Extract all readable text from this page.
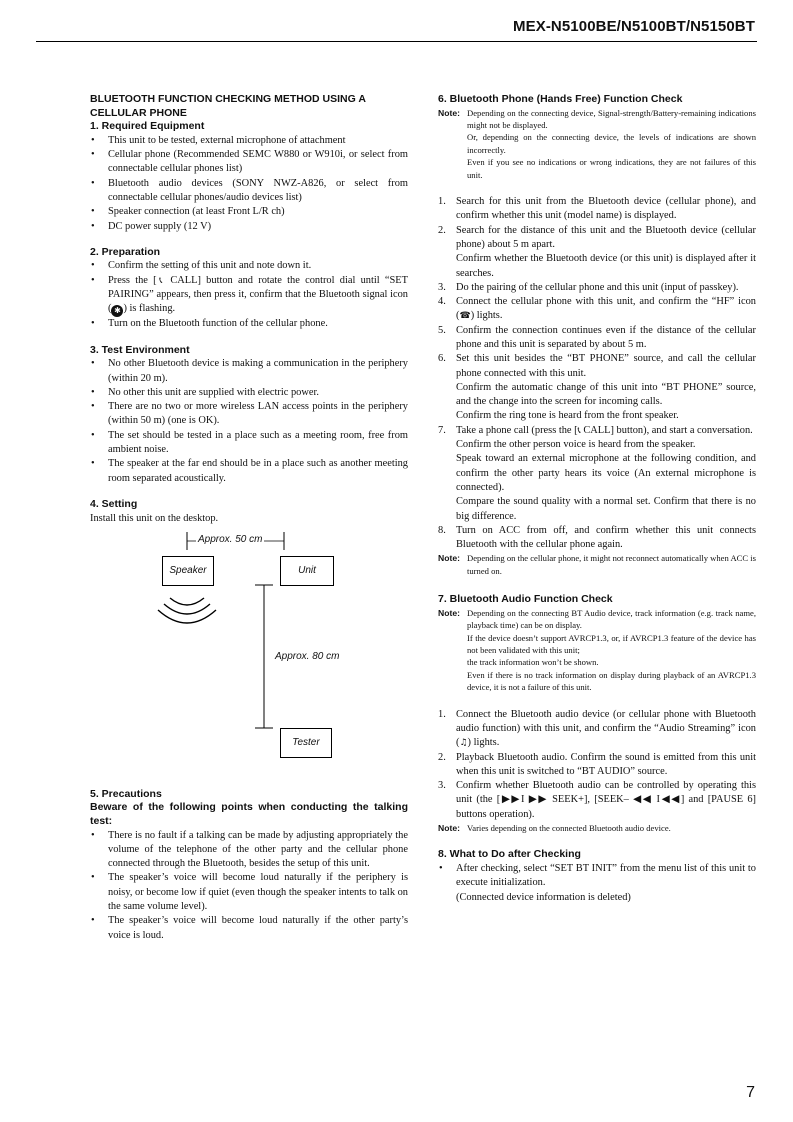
MEX-N5100BE/N5100BT/N5150BT
BLUETOOTH FUNCTION CHECKING METHOD USING A CELLULAR PHONE
1. Required Equipment
• This unit to be tested, external microphone of attachment
• Cellular phone (Recommended SEMC W880 or W910i, or select from connectable cellular phones list)
• Bluetooth audio devices (SONY NWZ-A826, or select from connectable cellular phones/audio devices list)
• Speaker connection (at least Front L/R ch)
• DC power supply (12 V)
2. Preparation
• Confirm the setting of this unit and note down it.
• Press the [📞︎ CALL] button and rotate the control dial until “SET PAIRING” appears, then press it, confirm that the Bluetooth signal icon ( ✱ ) is flashing.
• Turn on the Bluetooth function of the cellular phone.
3. Test Environment
• No other Bluetooth device is making a communication in the periphery (within 20 m).
• No other this unit are supplied with electric power.
• There are no two or more wireless LAN access points in the periphery (within 50 m) (one is OK).
• The set should be tested in a place such as a meeting room, free from ambient noise.
• The speaker at the far end should be in a place such as another meeting room separated acoustically.
4. Setting
Install this unit on the desktop.
Approx. 50 cm
Speaker	Unit
Approx. 80 cm
Tester
5. Precautions
Beware of the following points when conducting the talking test:
• There is no fault if a talking can be made by adjusting appropriately the volume of the telephone of the other party and the cellular phone connected through the Bluetooth, besides the setup of this unit.
• The speaker’s voice will become loud naturally if the periphery is noisy, or become low if quiet (even though the speaker intents to talk on the same volume level).
• The speaker’s voice will become loud naturally if the other party’s voice is loud.
6. Bluetooth Phone (Hands Free) Function Check
Note: Depending on the connecting device, Signal-strength/Battery-remaining indications might not be displayed.
Or, depending on the connecting device, the levels of indications are shown incorrectly.
Even if you see no indications or wrong indications, they are not failures of this unit.
1. Search for this unit from the Bluetooth device (cellular phone), and confirm whether this unit (model name) is displayed.
2. Search for the distance of this unit and the Bluetooth device (cellular phone) about 5 m apart.
Confirm whether the Bluetooth device (or this unit) is displayed after it searches.
3. Do the pairing of the cellular phone and this unit (input of passkey).
4. Connect the cellular phone with this unit, and confirm the “HF” icon (☎︎) lights.
5. Confirm the connection continues even if the distance of the cellular phone and this unit is separated by about 5 m.
6. Set this unit besides the “BT PHONE” source, and call the cellular phone connected with this unit.
Confirm the automatic change of this unit into “BT PHONE” source, and the change into the screen for incoming calls.
Confirm the ring tone is heard from the front speaker.
7. Take a phone call (press the [📞︎ CALL] button), and start a conversation.
Confirm the other person voice is heard from the speaker.
Speak toward an external microphone at the following condition, and confirm the other party hears its voice (An external microphone is connected).
Compare the sound quality with a normal set. Confirm that there is no big difference.
8. Turn on ACC from off, and confirm whether this unit connects Bluetooth with the cellular phone again.
Note: Depending on the cellular phone, it might not reconnect automatically when ACC is turned on.
7. Bluetooth Audio Function Check
Note: Depending on the connecting BT Audio device, track information (e.g. track name, playback time) can be on display.
If the device doesn’t support AVRCP1.3, or, if AVRCP1.3 feature of the device has not been validated with this unit;
the track information won’t be shown.
Even if there is no track information on display during playback of an AVRCP1.3 device, it is not a failure of this unit.
1. Connect the Bluetooth audio device (or cellular phone with Bluetooth audio function) with this unit, and confirm the “Audio Streaming” icon (♫) lights.
2. Playback Bluetooth audio. Confirm the sound is emitted from this unit when this unit is switched to “BT AUDIO” source.
3. Confirm whether Bluetooth audio can be controlled by operating this unit (the [▶▶I ▶▶ SEEK+], [SEEK– ◀◀ I◀◀] and [PAUSE 6] buttons operation).
Note: Varies depending on the connected Bluetooth audio device.
8. What to Do after Checking
• After checking, select “SET BT INIT” from the menu list of this unit to execute initialization.
(Connected device information is deleted)
7
